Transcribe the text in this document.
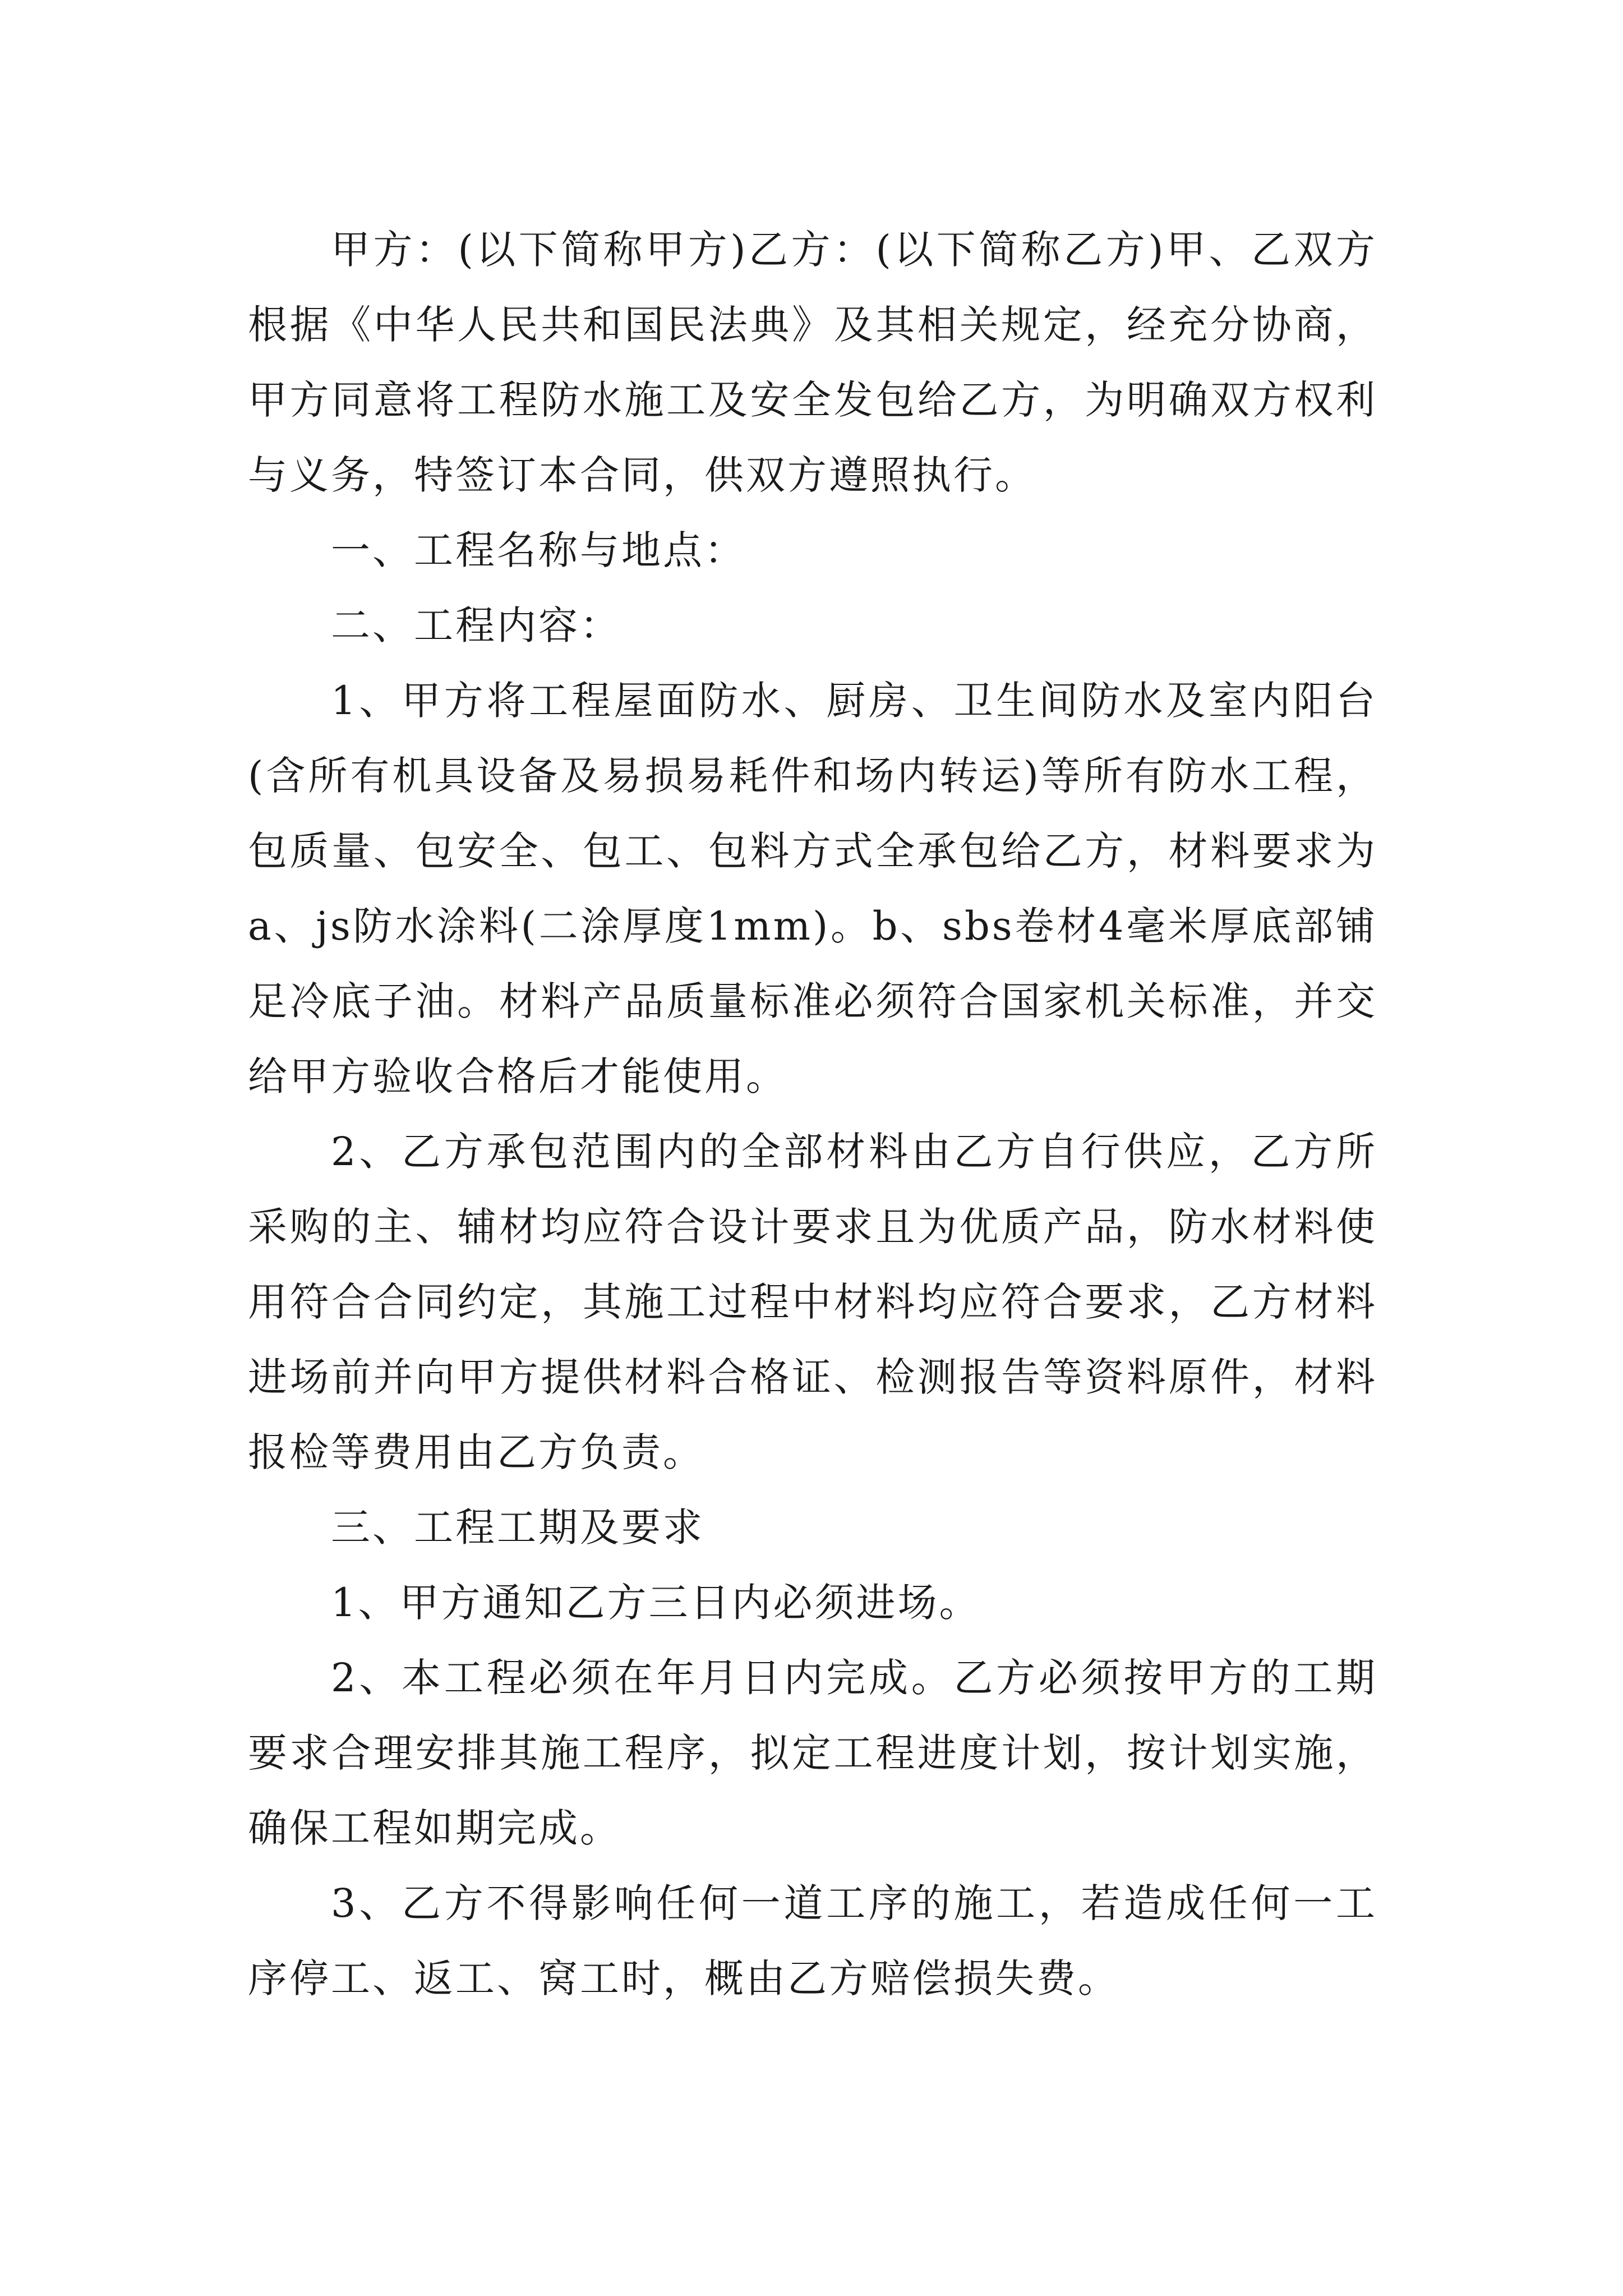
甲方：(以下简称甲方)乙方：(以下简称乙方)甲、乙双方根据《中华人民共和国民法典》及其相关规定，经充分协商，甲方同意将工程防水施工及安全发包给乙方，为明确双方权利与义务，特签订本合同，供双方遵照执行。

一、工程名称与地点：

二、工程内容：

1、甲方将工程屋面防水、厨房、卫生间防水及室内阳台(含所有机具设备及易损易耗件和场内转运)等所有防水工程，包质量、包安全、包工、包料方式全承包给乙方，材料要求为a、js防水涂料(二涂厚度1mm)。b、sbs卷材4毫米厚底部铺足冷底子油。材料产品质量标准必须符合国家机关标准，并交给甲方验收合格后才能使用。

2、乙方承包范围内的全部材料由乙方自行供应，乙方所采购的主、辅材均应符合设计要求且为优质产品，防水材料使用符合合同约定，其施工过程中材料均应符合要求，乙方材料进场前并向甲方提供材料合格证、检测报告等资料原件，材料报检等费用由乙方负责。

三、工程工期及要求

1、甲方通知乙方三日内必须进场。

2、本工程必须在年月日内完成。乙方必须按甲方的工期要求合理安排其施工程序，拟定工程进度计划，按计划实施，确保工程如期完成。

3、乙方不得影响任何一道工序的施工，若造成任何一工序停工、返工、窝工时，概由乙方赔偿损失费。
